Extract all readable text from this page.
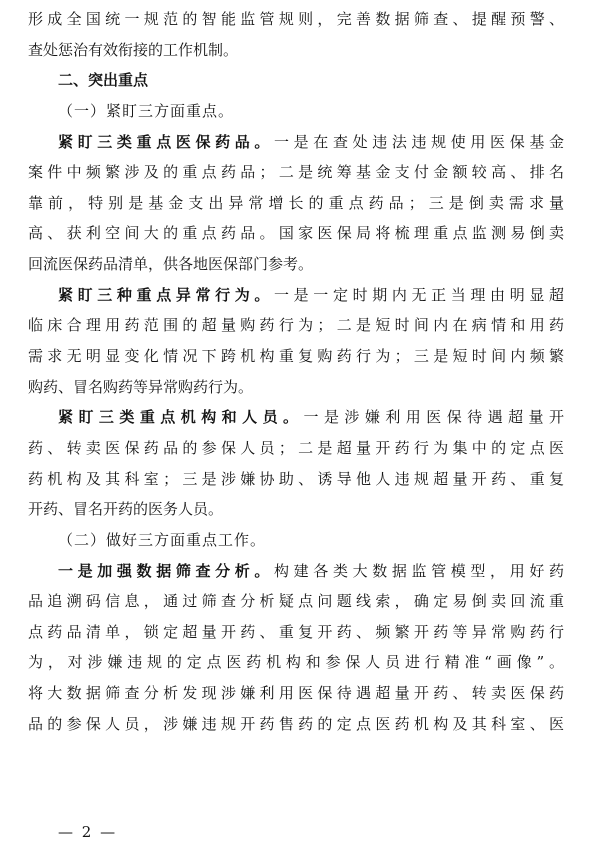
形成全国统一规范的智能监管规则，完善数据筛查、提醒预警、
查处惩治有效衔接的工作机制。
二、突出重点
（一）紧盯三方面重点。
紧盯三类重点医保药品。一是在查处违法违规使用医保基金
案件中频繁涉及的重点药品；二是统筹基金支付金额较高、排名
靠前，特别是基金支出异常增长的重点药品；三是倒卖需求量
高、获利空间大的重点药品。国家医保局将梳理重点监测易倒卖
回流医保药品清单，供各地医保部门参考。
紧盯三种重点异常行为。一是一定时期内无正当理由明显超
临床合理用药范围的超量购药行为；二是短时间内在病情和用药
需求无明显变化情况下跨机构重复购药行为；三是短时间内频繁
购药、冒名购药等异常购药行为。
紧盯三类重点机构和人员。一是涉嫌利用医保待遇超量开
药、转卖医保药品的参保人员；二是超量开药行为集中的定点医
药机构及其科室；三是涉嫌协助、诱导他人违规超量开药、重复
开药、冒名开药的医务人员。
（二）做好三方面重点工作。
一是加强数据筛查分析。构建各类大数据监管模型，用好药
品追溯码信息，通过筛查分析疑点问题线索，确定易倒卖回流重
点药品清单，锁定超量开药、重复开药、频繁开药等异常购药行
为，对涉嫌违规的定点医药机构和参保人员进行精准“画像”。
将大数据筛查分析发现涉嫌利用医保待遇超量开药、转卖医保药
品的参保人员，涉嫌违规开药售药的定点医药机构及其科室、医
— 2 —
